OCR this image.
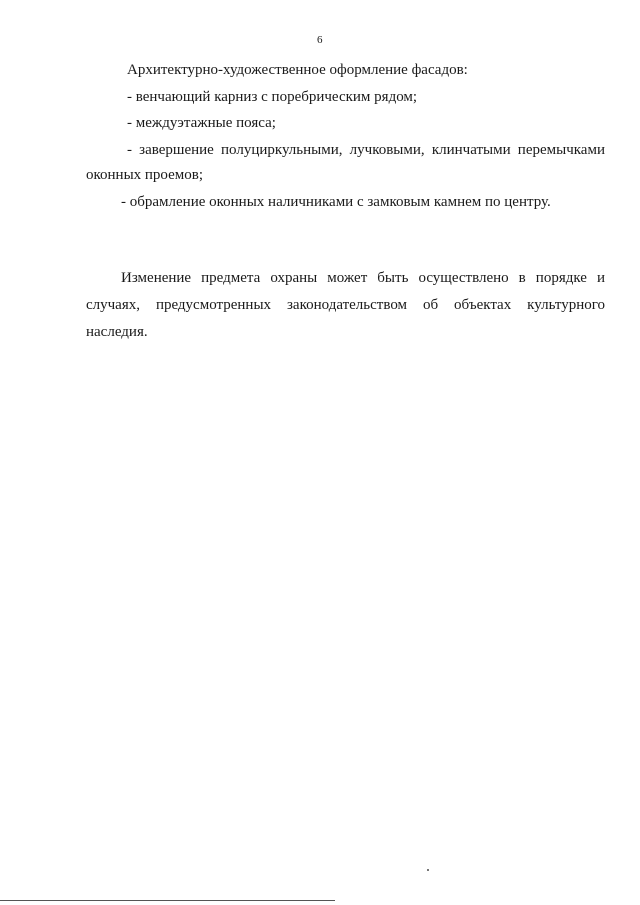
6
Архитектурно-художественное оформление фасадов:
- венчающий карниз с поребрическим рядом;
- междуэтажные пояса;
- завершение полуциркульными, лучковыми, клинчатыми перемычками
оконных проемов;
- обрамление оконных наличниками с замковым камнем по центру.
Изменение предмета охраны может быть осуществлено в порядке и
случаях, предусмотренных законодательством об объектах культурного
наследия.
